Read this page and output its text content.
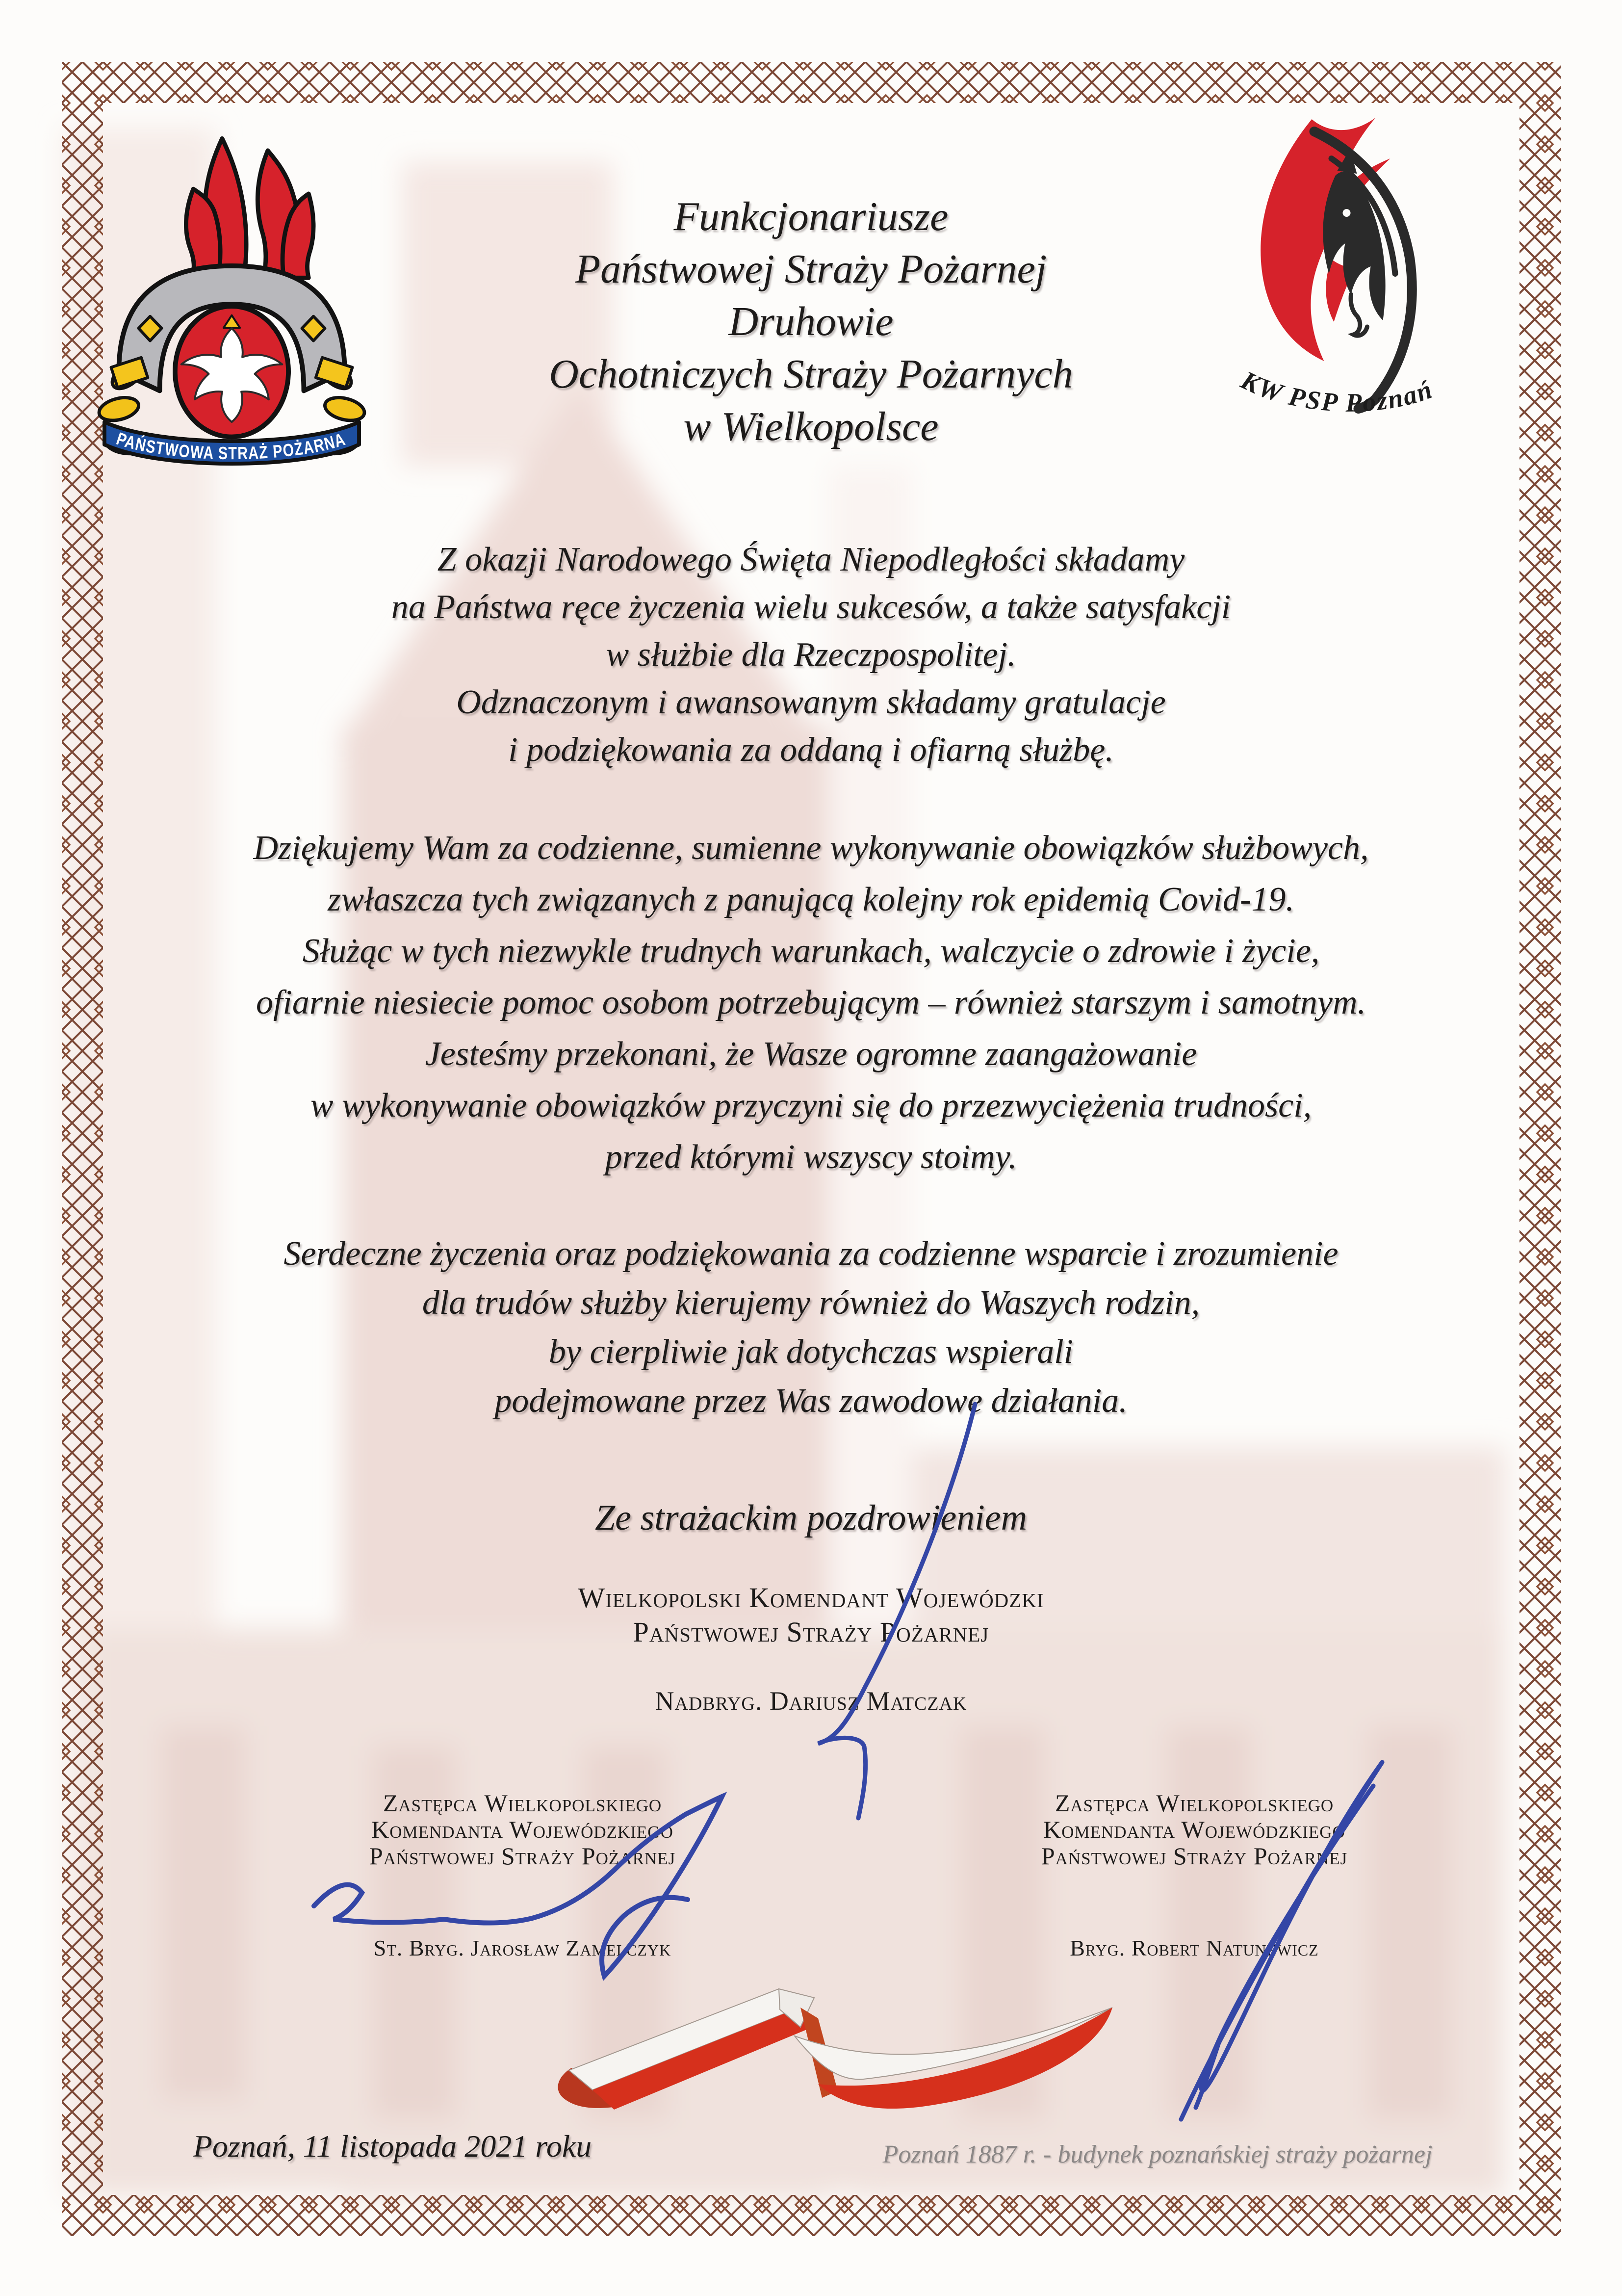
PAŃSTWOWA STRAŻ POŻARNA
KW PSP Poznań
Funkcjonariusze
Państwowej Straży Pożarnej
Druhowie
Ochotniczych Straży Pożarnych
w Wielkopolsce
Z okazji Narodowego Święta Niepodległości składamy
na Państwa ręce życzenia wielu sukcesów, a także satysfakcji
w służbie dla Rzeczpospolitej.
Odznaczonym i awansowanym składamy gratulacje
i podziękowania za oddaną i ofiarną służbę.
Dziękujemy Wam za codzienne, sumienne wykonywanie obowiązków służbowych,
zwłaszcza tych związanych z panującą kolejny rok epidemią Covid-19.
Służąc w tych niezwykle trudnych warunkach, walczycie o zdrowie i życie,
ofiarnie niesiecie pomoc osobom potrzebującym – również starszym i samotnym.
Jesteśmy przekonani, że Wasze ogromne zaangażowanie
w wykonywanie obowiązków przyczyni się do przezwyciężenia trudności,
przed którymi wszyscy stoimy.
Serdeczne życzenia oraz podziękowania za codzienne wsparcie i zrozumienie
dla trudów służby kierujemy również do Waszych rodzin,
by cierpliwie jak dotychczas wspierali
podejmowane przez Was zawodowe działania.
Ze strażackim pozdrowieniem
Wielkopolski Komendant Wojewódzki
Państwowej Straży Pożarnej
Nadbryg. Dariusz Matczak
Zastępca Wielkopolskiego
Komendanta Wojewódzkiego
Państwowej Straży Pożarnej
St. Bryg. Jarosław Zamelczyk
Zastępca Wielkopolskiego
Komendanta Wojewódzkiego
Państwowej Straży Pożarnej
Bryg. Robert Natunewicz
Poznań, 11 listopada 2021 roku	Poznań 1887 r. - budynek poznańskiej straży pożarnej
